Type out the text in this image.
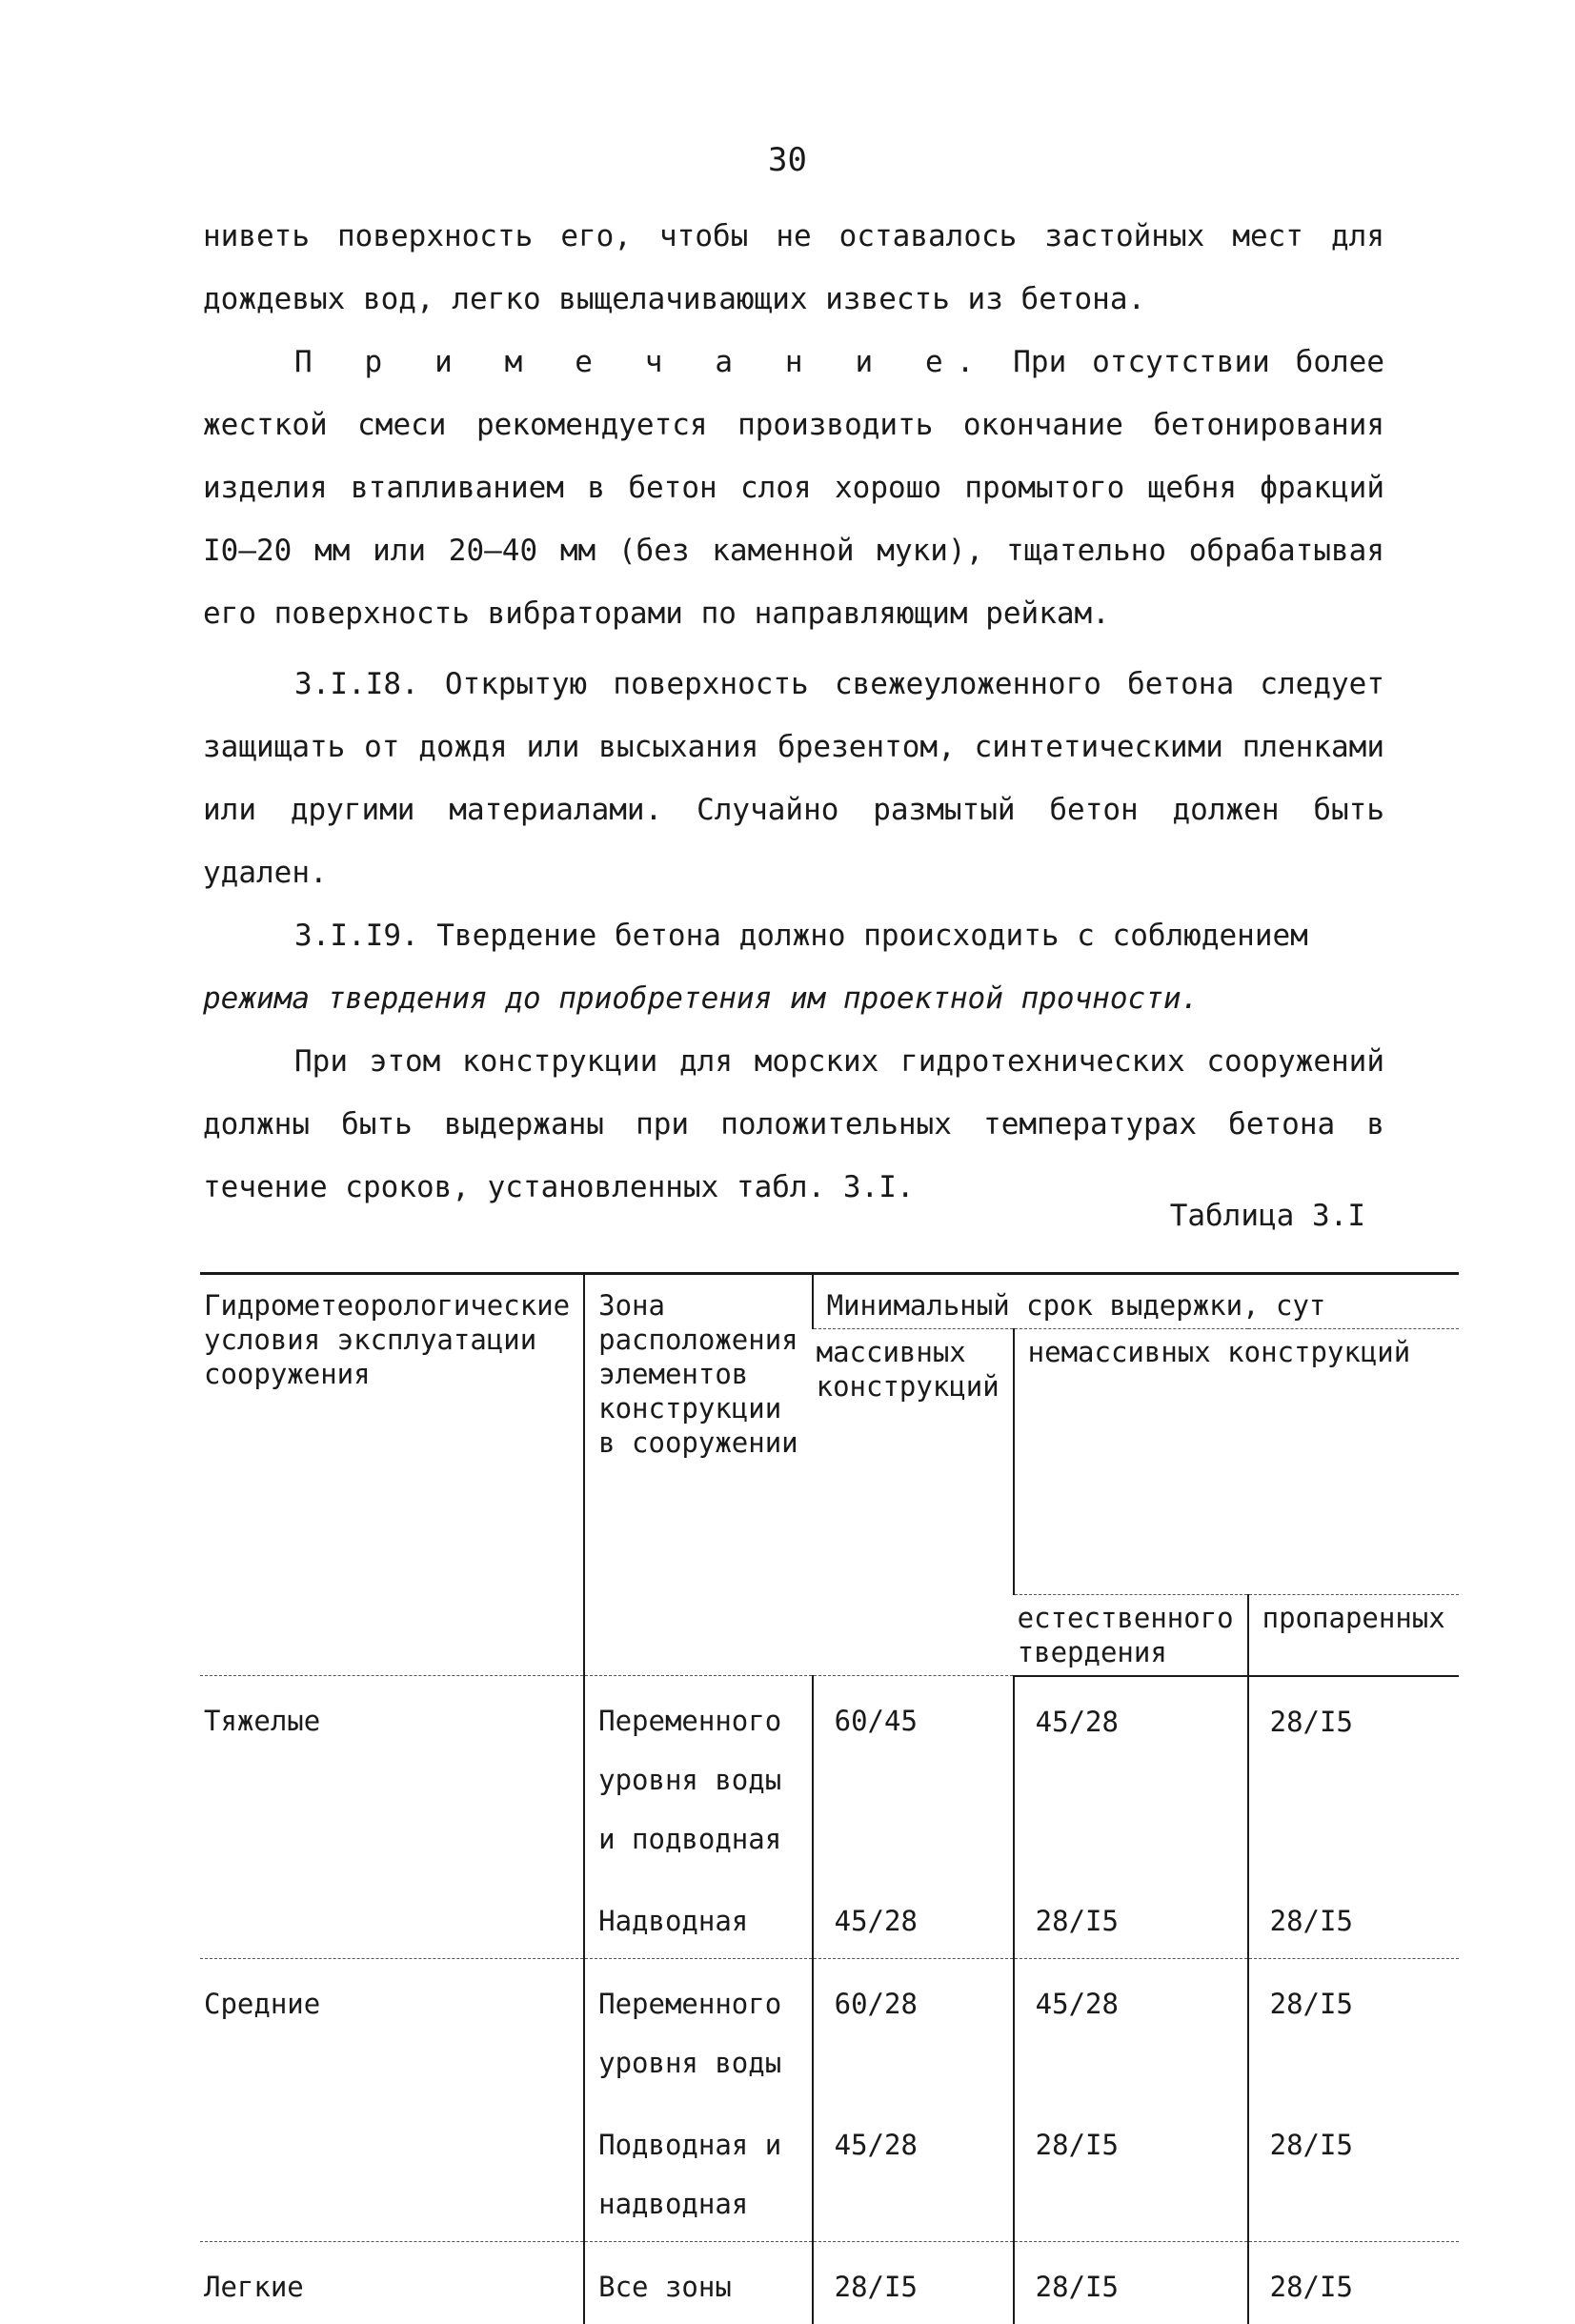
30

ниветь поверхность его, чтобы не оставалось застойных мест для дождевых вод, легко выщелачивающих известь из бетона.

П р и м е ч а н и е. При отсутствии более жесткой смеси рекомендуется производить окончание бетонирования изделия втапливанием в бетон слоя хорошо промытого щебня фракций I0–20 мм или 20–40 мм (без каменной муки), тщательно обрабатывая его поверхность вибраторами по направляющим рейкам.

3.I.I8. Открытую поверхность свежеуложенного бетона следует защищать от дождя или высыхания брезентом, синтетическими пленками или другими материалами. Случайно размытый бетон должен быть удален.

3.I.I9. Твердение бетона должно происходить с соблюдением
режима твердения до приобретения им проектной прочности.

При этом конструкции для морских гидротехнических сооружений должны быть выдержаны при положительных температурах бетона в течение сроков, установленных табл. 3.I.

Таблица 3.I
Гидрометеорологические условия эксплуатации сооружения	Зона расположения элементов конструкции в сооружении	Минимальный срок выдержки, сут		
		массивных конструкций	немассивных конструкций	
			естественного твердения	пропаренных
Тяжелые	Переменного уровня воды и подводная	60/45	45/28	28/I5
	Надводная	45/28	28/I5	28/I5
Средние	Переменного уровня воды	60/28	45/28	28/I5
	Подводная и надводная	45/28	28/I5	28/I5
Легкие	Все зоны	28/I5	28/I5	28/I5
